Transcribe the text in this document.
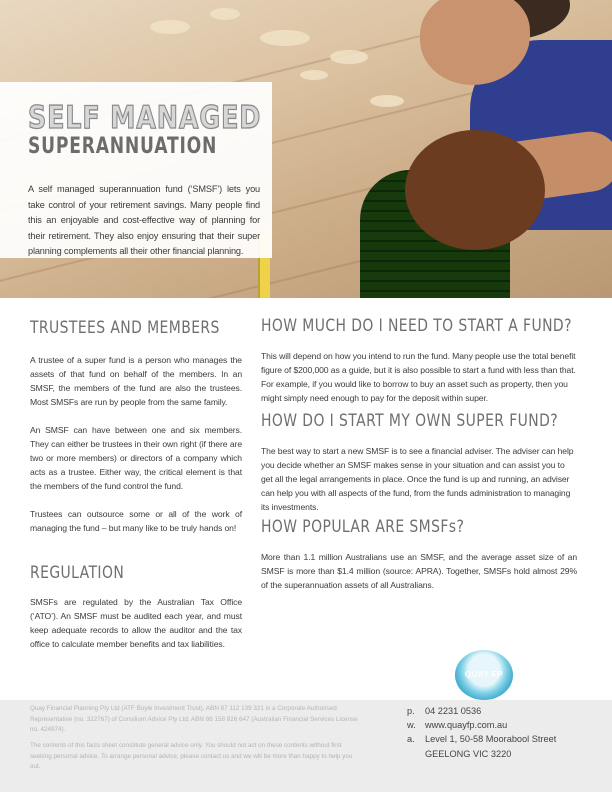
SELF MANAGED
SUPERANNUATION
A self managed superannuation fund (‘SMSF’) lets you take control of your retirement savings. Many people find this an enjoyable and cost-effective way of planning for their retirement. They also enjoy ensuring that their super planning complements all their other financial planning.
TRUSTEES AND MEMBERS

A trustee of a super fund is a person who manages the assets of that fund on behalf of the members. In an SMSF, the members of the fund are also the trustees. Most SMSFs are run by people from the same family.

An SMSF can have between one and six members. They can either be trustees in their own right (if there are two or more members) or directors of a company which acts as a trustee. Either way, the critical element is that the members of the fund control the fund.

Trustees can outsource some or all of the work of managing the fund – but many like to be truly hands on!

REGULATION

SMSFs are regulated by the Australian Tax Office (‘ATO’). An SMSF must be audited each year, and must keep adequate records to allow the auditor and the tax office to calculate member benefits and tax liabilities.

HOW MUCH DO I NEED TO START A FUND?

This will depend on how you intend to run the fund. Many people use the total benefit figure of $200,000 as a guide, but it is also possible to start a fund with less than that. For example, if you would like to borrow to buy an asset such as property, then you might simply need enough to pay for the deposit within super.

HOW DO I START MY OWN SUPER FUND?

The best way to start a new SMSF is to see a financial adviser. The adviser can help you decide whether an SMSF makes sense in your situation and can assist you to get all the legal arrangements in place. Once the fund is up and running, an adviser can help you with all aspects of the fund, from the funds administration to managing its investments.

HOW POPULAR ARE SMSFs?

More than 1.1 million Australians use an SMSF, and the average asset size of an SMSF is more than $1.4 million (source: APRA). Together, SMSFs hold almost 29% of the superannuation assets of all Australians.

QUAY FP
Quay Financial Planning Pty Ltd (ATF Boyle Investment Trust), ABN 87 112 139 321 is a Corporate Authorised Representative (no. 322767) of Consilium Advice Pty Ltd, ABN 86 158 826 647 (Australian Financial Services License no. 424974).
The contents of this facts sheet constitute general advice only. You should not act on these contents without first seeking personal advice. To arrange personal advice, please contact us and we will be more than happy to help you out.
p. 04 2231 0536
w. www.quayfp.com.au
a. Level 1, 50-58 Moorabool Street
GEELONG VIC 3220
